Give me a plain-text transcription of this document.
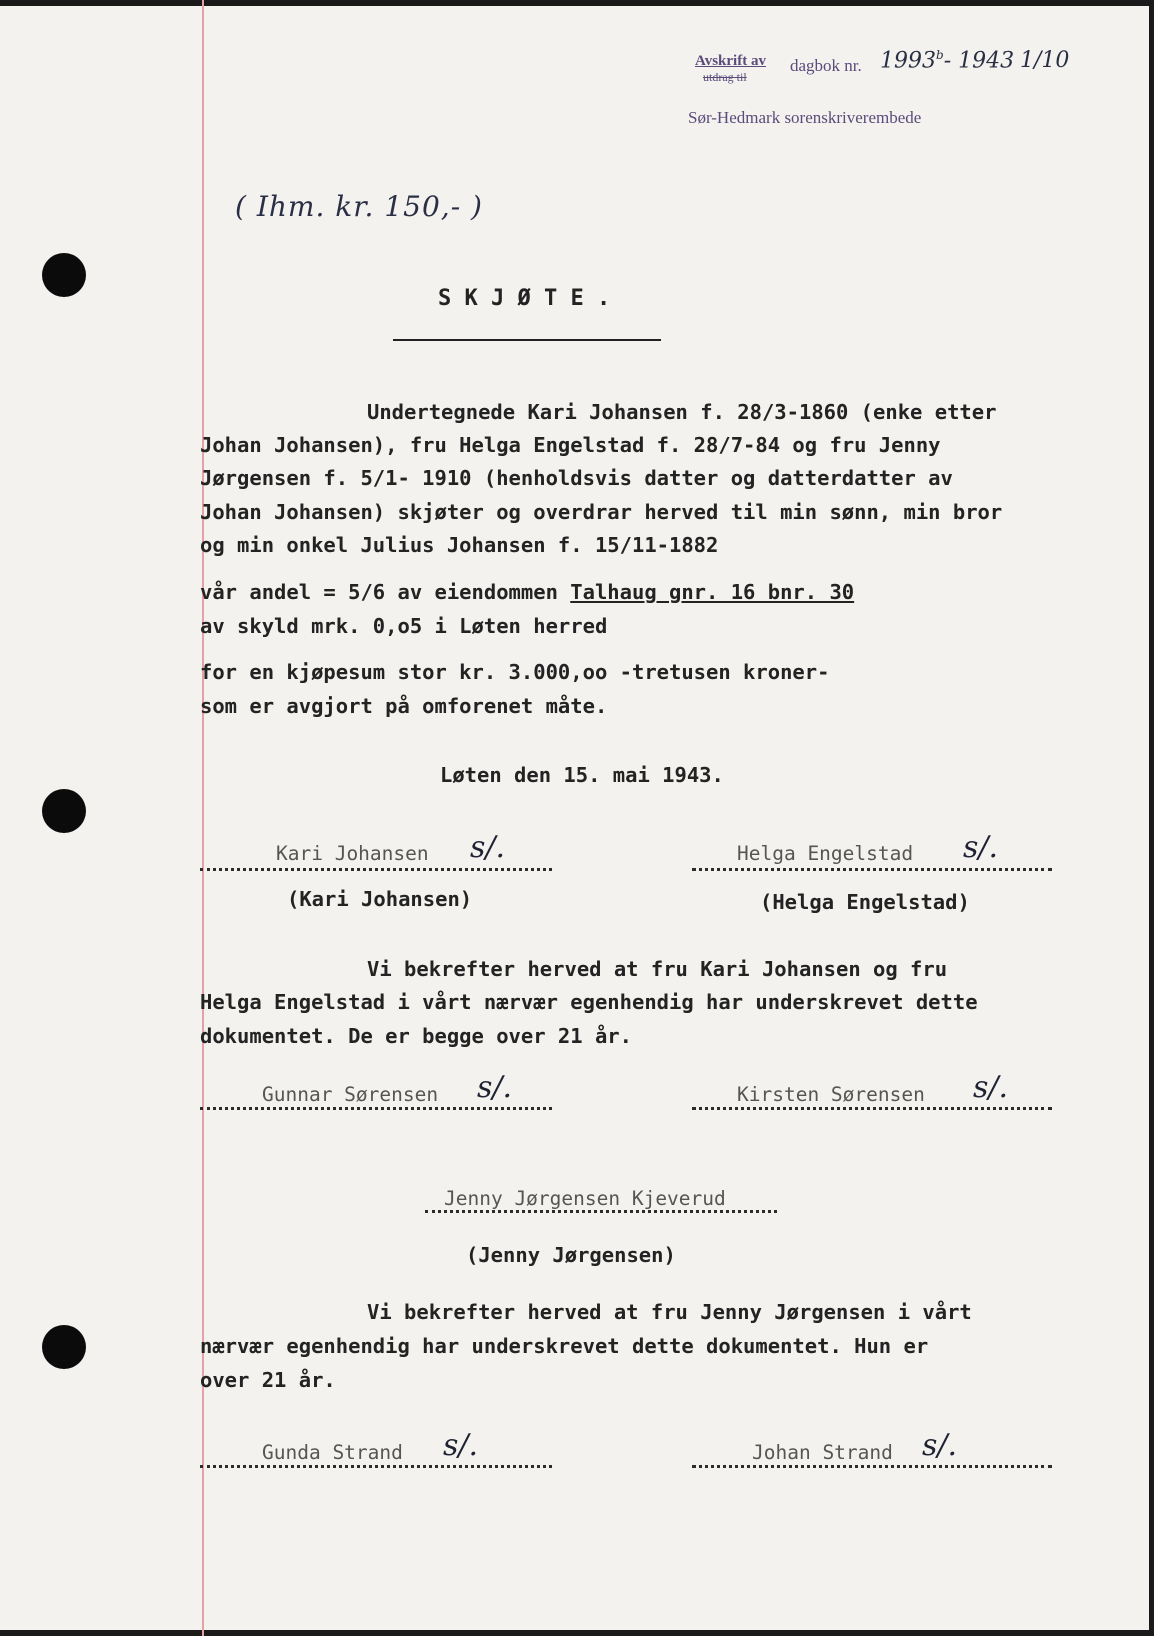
Avskrift av
utdrag til
dagbok nr. 1993$^b$- 1943 1/10
Sør-Hedmark sorenskriverembede
( Ihm. kr. 150,- )
S K J Ø T E .
Undertegnede Kari Johansen f. 28/3-1860 (enke etter
Johan Johansen), fru Helga Engelstad f. 28/7-84 og fru Jenny
Jørgensen f. 5/1- 1910 (henholdsvis datter og datterdatter av
Johan Johansen) skjøter og overdrar herved til min sønn, min bror
og min onkel Julius Johansen f. 15/11-1882
vår andel = 5/6 av eiendommen Talhaug gnr. 16 bnr. 30
av skyld mrk. 0,o5 i Løten herred
for en kjøpesum stor kr. 3.000,oo -tretusen kroner-
som er avgjort på omforenet måte.
Løten den 15. mai 1943.
Kari Johansen s/.	Helga Engelstad s/.
(Kari Johansen)	(Helga Engelstad)
Vi bekrefter herved at fru Kari Johansen og fru
Helga Engelstad i vårt nærvær egenhendig har underskrevet dette
dokumentet. De er begge over 21 år.
Gunnar Sørensen s/.	Kirsten Sørensen s/.
Jenny Jørgensen Kjeverud
(Jenny Jørgensen)
Vi bekrefter herved at fru Jenny Jørgensen i vårt
nærvær egenhendig har underskrevet dette dokumentet. Hun er
over 21 år.
Gunda Strand s/.	Johan Strand s/.
